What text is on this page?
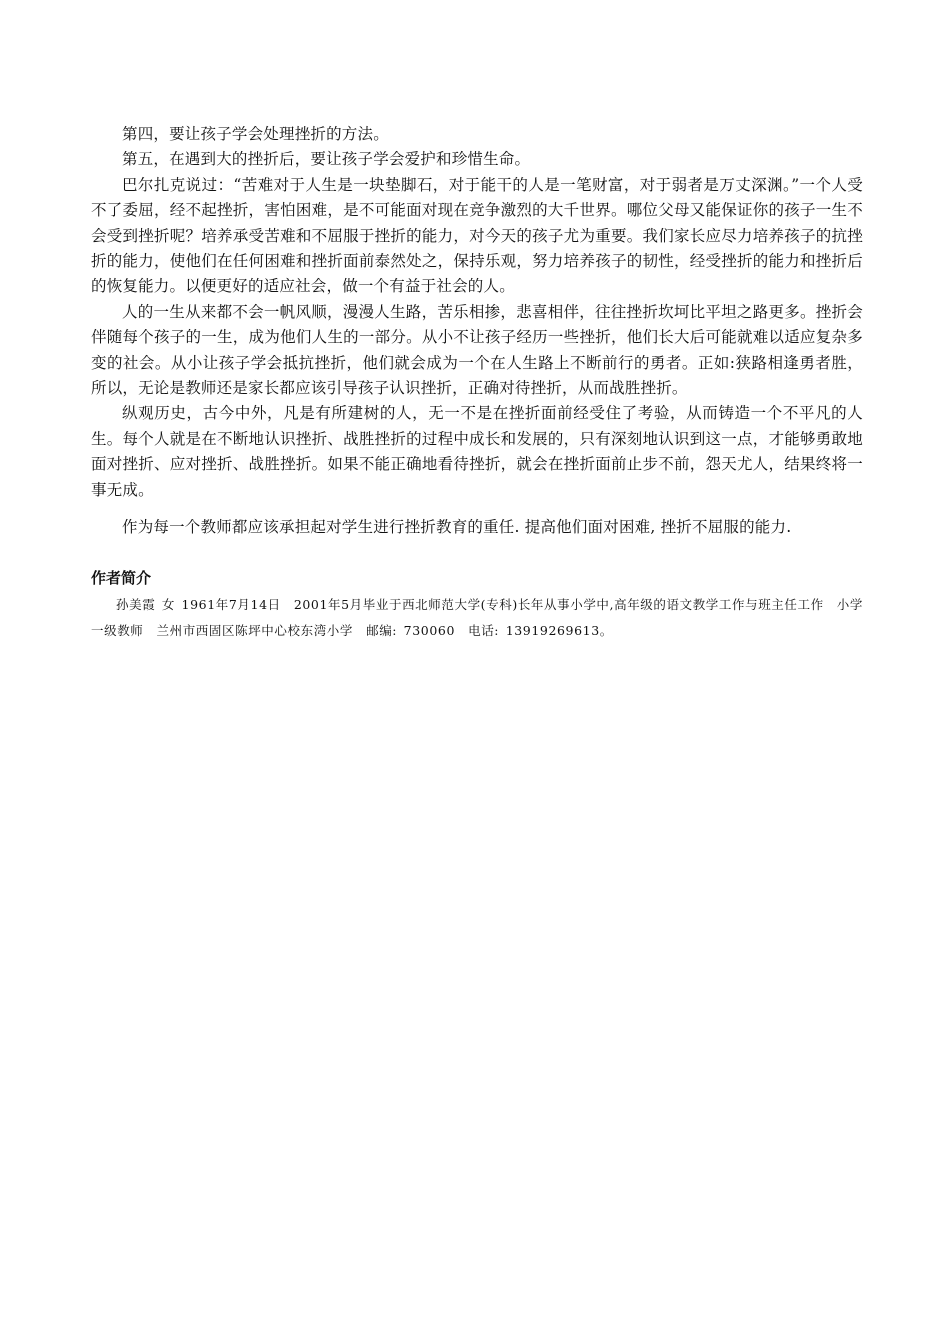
第四，要让孩子学会处理挫折的方法。

第五，在遇到大的挫折后，要让孩子学会爱护和珍惜生命。

巴尔扎克说过：“苦难对于人生是一块垫脚石，对于能干的人是一笔财富，对于弱者是万丈深渊。”一个人受不了委屈，经不起挫折，害怕困难，是不可能面对现在竞争激烈的大千世界。哪位父母又能保证你的孩子一生不会受到挫折呢？培养承受苦难和不屈服于挫折的能力，对今天的孩子尤为重要。我们家长应尽力培养孩子的抗挫折的能力，使他们在任何困难和挫折面前泰然处之，保持乐观，努力培养孩子的韧性，经受挫折的能力和挫折后的恢复能力。以便更好的适应社会，做一个有益于社会的人。

人的一生从来都不会一帆风顺，漫漫人生路，苦乐相掺，悲喜相伴，往往挫折坎坷比平坦之路更多。挫折会伴随每个孩子的一生，成为他们人生的一部分。从小不让孩子经历一些挫折，他们长大后可能就难以适应复杂多变的社会。从小让孩子学会抵抗挫折，他们就会成为一个在人生路上不断前行的勇者。正如:狭路相逢勇者胜，所以，无论是教师还是家长都应该引导孩子认识挫折，正确对待挫折，从而战胜挫折。

纵观历史，古今中外，凡是有所建树的人，无一不是在挫折面前经受住了考验，从而铸造一个不平凡的人生。每个人就是在不断地认识挫折、战胜挫折的过程中成长和发展的，只有深刻地认识到这一点，才能够勇敢地面对挫折、应对挫折、战胜挫折。如果不能正确地看待挫折，就会在挫折面前止步不前，怨天尤人，结果终将一事无成。

作为每一个教师都应该承担起对学生进行挫折教育的重任. 提高他们面对困难, 挫折不屈服的能力.

作者简介
孙美霞 女 1961年7月14日　2001年5月毕业于西北师范大学(专科)长年从事小学中,高年级的语文教学工作与班主任工作　小学一级教师　兰州市西固区陈坪中心校东湾小学　邮编: 730060　电话: 13919269613。
